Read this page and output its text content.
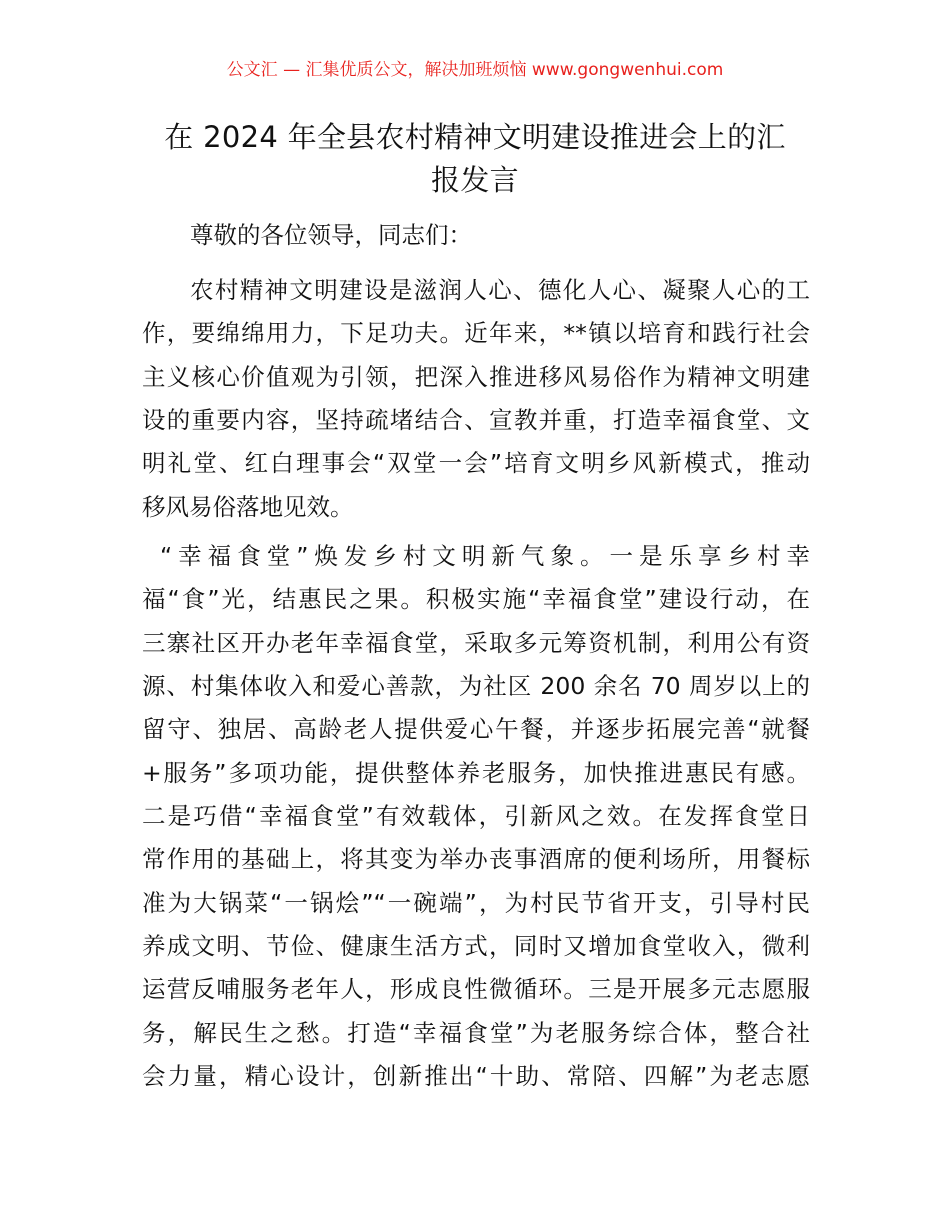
公文汇 — 汇集优质公文，解决加班烦恼 www.gongwenhui.com
在 2024 年全县农村精神文明建设推进会上的汇
报发言
尊敬的各位领导，同志们：
农村精神文明建设是滋润人心、德化人心、凝聚人心的工
作，要绵绵用力，下足功夫。近年来，**镇以培育和践行社会
主义核心价值观为引领，把深入推进移风易俗作为精神文明建
设的重要内容，坚持疏堵结合、宣教并重，打造幸福食堂、文
明礼堂、红白理事会“双堂一会”培育文明乡风新模式，推动
移风易俗落地见效。
“幸福食堂”焕发乡村文明新气象。一是乐享乡村幸
福“食”光，结惠民之果。积极实施“幸福食堂”建设行动，在
三寨社区开办老年幸福食堂，采取多元筹资机制，利用公有资
源、村集体收入和爱心善款，为社区 200 余名 70 周岁以上的
留守、独居、高龄老人提供爱心午餐，并逐步拓展完善“就餐
+服务”多项功能，提供整体养老服务，加快推进惠民有感。
二是巧借“幸福食堂”有效载体，引新风之效。在发挥食堂日
常作用的基础上，将其变为举办丧事酒席的便利场所，用餐标
准为大锅菜“一锅烩”“一碗端”，为村民节省开支，引导村民
养成文明、节俭、健康生活方式，同时又增加食堂收入，微利
运营反哺服务老年人，形成良性微循环。三是开展多元志愿服
务，解民生之愁。打造“幸福食堂”为老服务综合体，整合社
会力量，精心设计，创新推出“十助、常陪、四解”为老志愿
